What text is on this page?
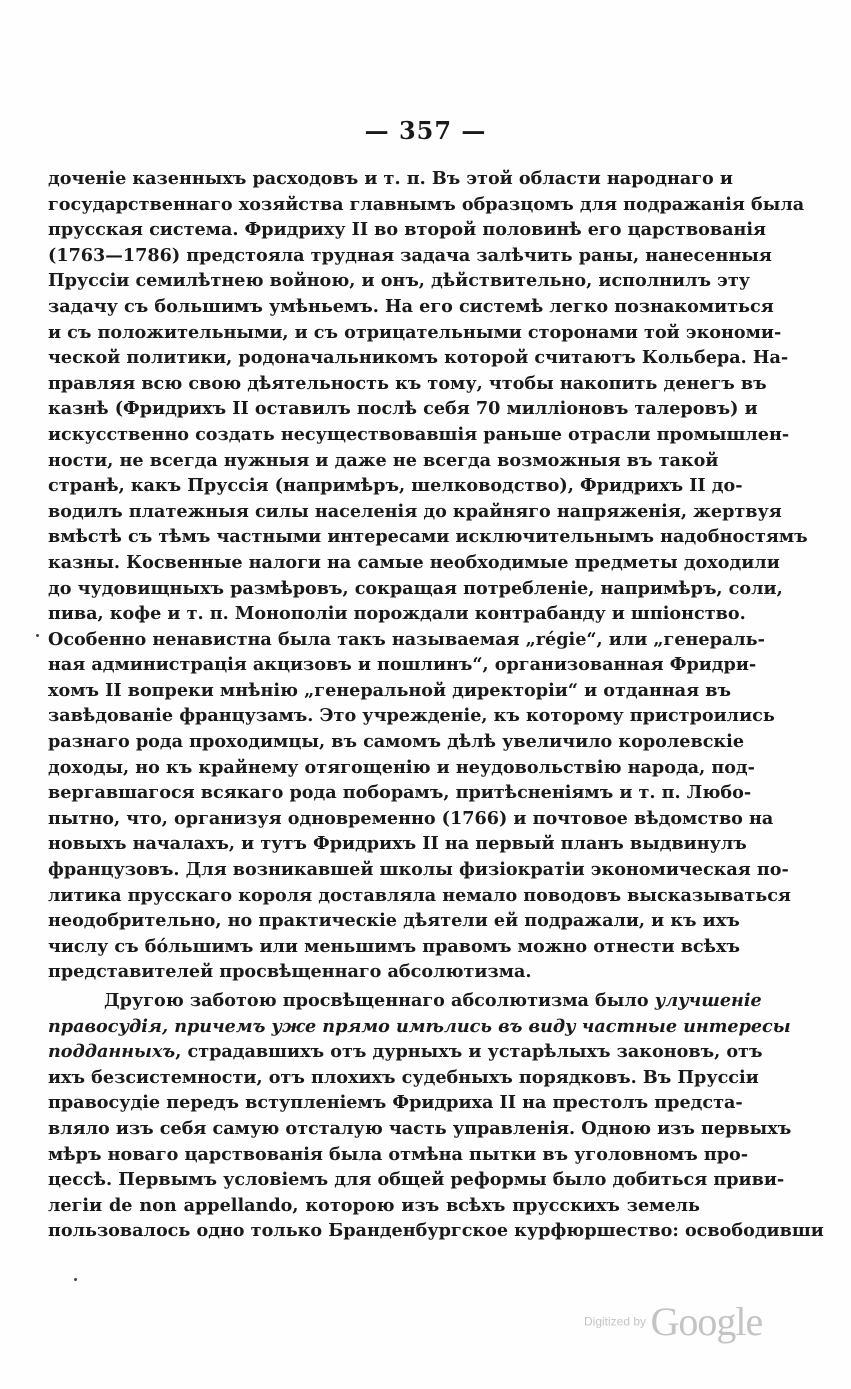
— 357 —
доченіе казенныхъ расходовъ и т. п. Въ этой области народнаго и
государственнаго хозяйства главнымъ образцомъ для подражанія была
прусская система. Фридриху II во второй половинѣ его царствованія
(1763—1786) предстояла трудная задача залѣчить раны, нанесенныя
Пруссіи семилѣтнею войною, и онъ, дѣйствительно, исполнилъ эту
задачу съ большимъ умѣньемъ. На его системѣ легко познакомиться
и съ положительными, и съ отрицательными сторонами той экономи-
ческой политики, родоначальникомъ которой считаютъ Кольбера. На-
правляя всю свою дѣятельность къ тому, чтобы накопить денегъ въ
казнѣ (Фридрихъ II оставилъ послѣ себя 70 милліоновъ талеровъ) и
искусственно создать несуществовавшія раньше отрасли промышлен-
ности, не всегда нужныя и даже не всегда возможныя въ такой
странѣ, какъ Пруссія (напримѣръ, шелководство), Фридрихъ II до-
водилъ платежныя силы населенія до крайняго напряженія, жертвуя
вмѣстѣ съ тѣмъ частными интересами исключительнымъ надобностямъ
казны. Косвенные налоги на самые необходимые предметы доходили
до чудовищныхъ размѣровъ, сокращая потребленіе, напримѣръ, соли,
пива, кофе и т. п. Монополіи порождали контрабанду и шпіонство.
Особенно ненавистна была такъ называемая „régie“, или „генераль-
ная администрація акцизовъ и пошлинъ“, организованная Фридри-
хомъ II вопреки мнѣнію „генеральной директоріи“ и отданная въ
завѣдованіе французамъ. Это учрежденіе, къ которому пристроились
разнаго рода проходимцы, въ самомъ дѣлѣ увеличило королевскіе
доходы, но къ крайнему отягощенію и неудовольствію народа, под-
вергавшагося всякаго рода поборамъ, притѣсненіямъ и т. п. Любо-
пытно, что, организуя одновременно (1766) и почтовое вѣдомство на
новыхъ началахъ, и тутъ Фридрихъ II на первый планъ выдвинулъ
французовъ. Для возникавшей школы физіократіи экономическая по-
литика прусскаго короля доставляла немало поводовъ высказываться
неодобрительно, но практическіе дѣятели ей подражали, и къ ихъ
числу съ бо́льшимъ или меньшимъ правомъ можно отнести всѣхъ
представителей просвѣщеннаго абсолютизма.
Другою заботою просвѣщеннаго абсолютизма было улучшеніе
правосудія, причемъ уже прямо имѣлись въ виду частные интересы
подданныхъ, страдавшихъ отъ дурныхъ и устарѣлыхъ законовъ, отъ
ихъ безсистемности, отъ плохихъ судебныхъ порядковъ. Въ Пруссіи
правосудіе передъ вступленіемъ Фридриха II на престолъ предста-
вляло изъ себя самую отсталую часть управленія. Одною изъ первыхъ
мѣръ новаго царствованія была отмѣна пытки въ уголовномъ про-
цессѣ. Первымъ условіемъ для общей реформы было добиться приви-
легіи de non appellando, которою изъ всѣхъ прусскихъ земель
пользовалось одно только Бранденбургское курфюршество: освободивши
Digitized by Google
